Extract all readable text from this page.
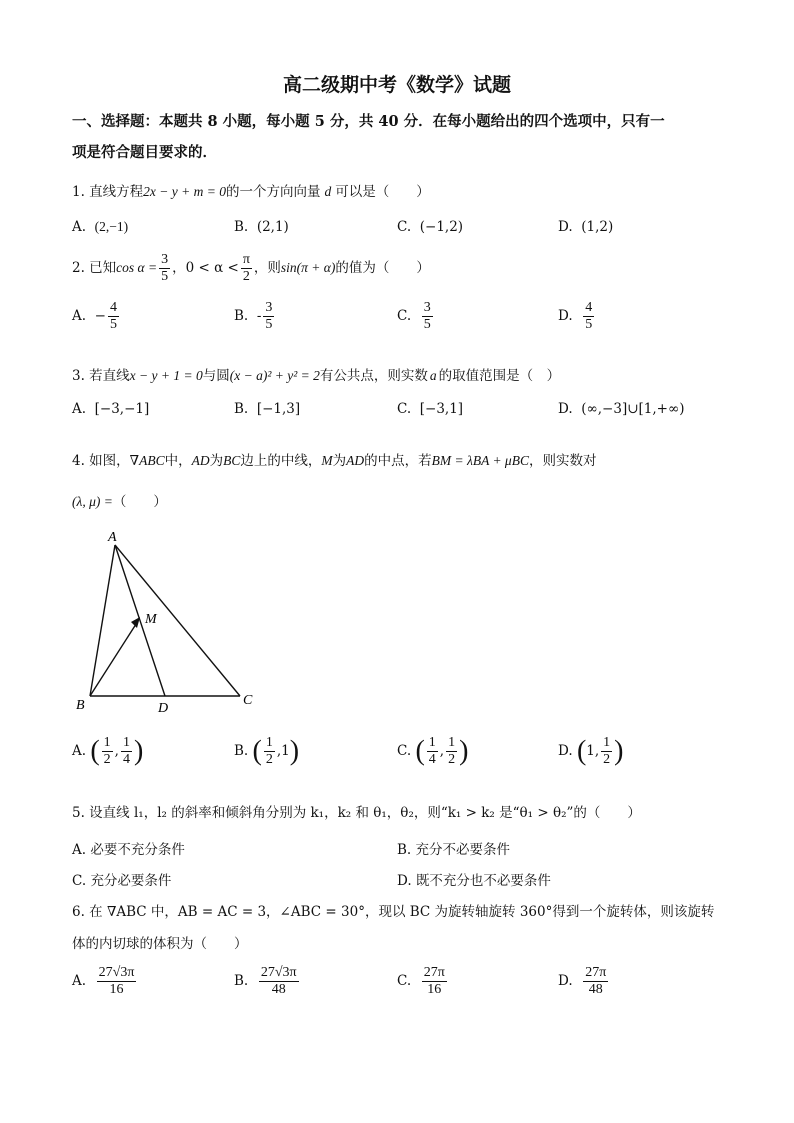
高二级期中考《数学》试题
一、选择题：本题共 8 小题，每小题 5 分，共 40 分．在每小题给出的四个选项中，只有一
项是符合题目要求的．
1. 直线方程2x − y + m = 0的一个方向向量 d 可以是（　　）
A. (2,−1)	B. (2,1)	C. (−1,2)	D. (1,2)
2. 已知$\cos \alpha = \frac{3}{5}$ ，$0 < \alpha < \frac{\pi}{2}$ ，则sin(π + α)的值为（　　）
A. − $\frac{4}{5}$	B. - $\frac{3}{5}$	C. $\frac{3}{5}$	D. $\frac{4}{5}$
3. 若直线x − y + 1 = 0与圆(x − a)² + y² = 2有公共点，则实数 a 的取值范围是（　）
A. [−3,−1]	B. [−1,3]	C. [−3,1]	D. (∞,−3]∪[1,+∞)
4. 如图，∇ABC中，AD为BC边上的中线，M为AD的中点，若BM = λBA + μBC，则实数对
(λ, μ) =（　　）
A
B	C
D
M
A. ( $\frac{1}{2}$ , $\frac{1}{4}$ )	B. ( $\frac{1}{2} ,1$)	C. ( $\frac{1}{4}$ , $\frac{1}{2}$ )	D. (1, $\frac{1}{2}$ )
5. 设直线 l₁，l₂ 的斜率和倾斜角分别为 k₁，k₂ 和 θ₁，θ₂，则“k₁ > k₂ 是“θ₁ > θ₂”的（　　）
A. 必要不充分条件	B. 充分不必要条件
C. 充分必要条件	D. 既不充分也不必要条件
6. 在 ∇ABC 中，AB = AC = 3，∠ABC = 30°，现以 BC 为旋转轴旋转 360°得到一个旋转体，则该旋转
体的内切球的体积为（　　）
A. $\frac{27√3\pi}{16}$	B. $\frac{27√3\pi}{48}$	C. $\frac{27\pi}{16}$	D. $\frac{27\pi}{48}$
